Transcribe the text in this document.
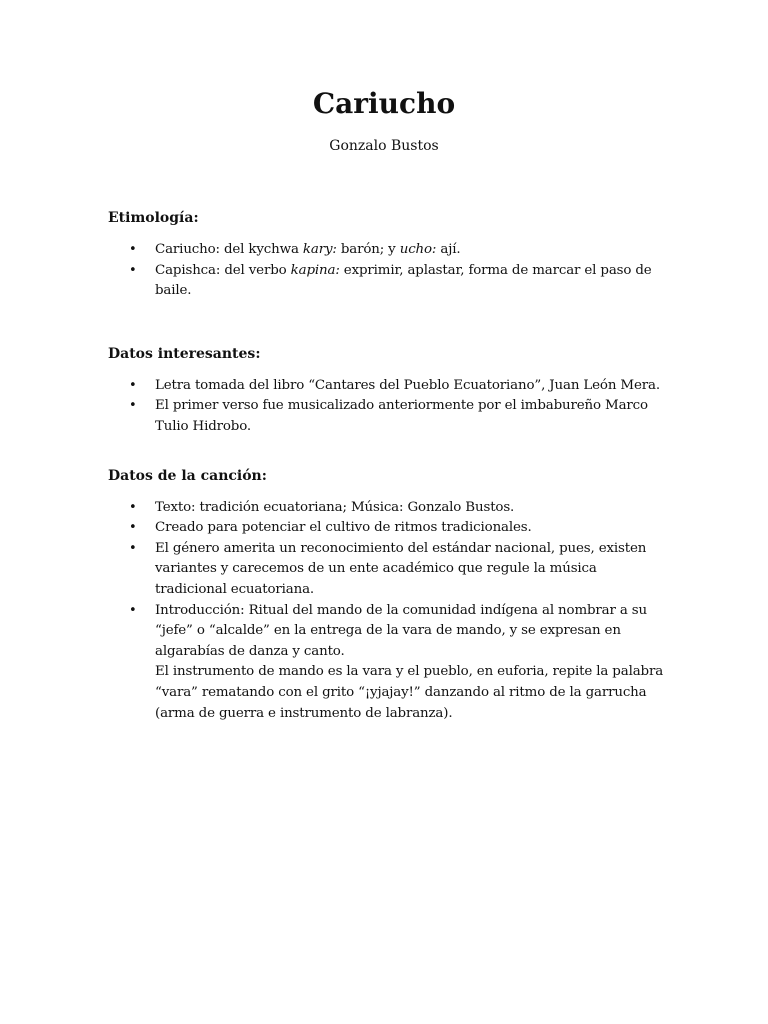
Cariucho

Gonzalo Bustos

Etimología:
• Cariucho: del kychwa kary: barón; y ucho: ají.
• Capishca: del verbo kapina: exprimir, aplastar, forma de marcar el paso de baile.
Datos interesantes:
• Letra tomada del libro “Cantares del Pueblo Ecuatoriano”, Juan León Mera.
• El primer verso fue musicalizado anteriormente por el imbabureño Marco Tulio Hidrobo.
Datos de la canción:
• Texto: tradición ecuatoriana; Música: Gonzalo Bustos.
• Creado para potenciar el cultivo de ritmos tradicionales.
• El género amerita un reconocimiento del estándar nacional, pues, existen variantes y carecemos de un ente académico que regule la música tradicional ecuatoriana.
• Introducción: Ritual del mando de la comunidad indígena al nombrar a su “jefe” o “alcalde” en la entrega de la vara de mando, y se expresan en algarabías de danza y canto.
El instrumento de mando es la vara y el pueblo, en euforia, repite la palabra “vara” rematando con el grito “¡yjajay!” danzando al ritmo de la garrucha (arma de guerra e instrumento de labranza).
